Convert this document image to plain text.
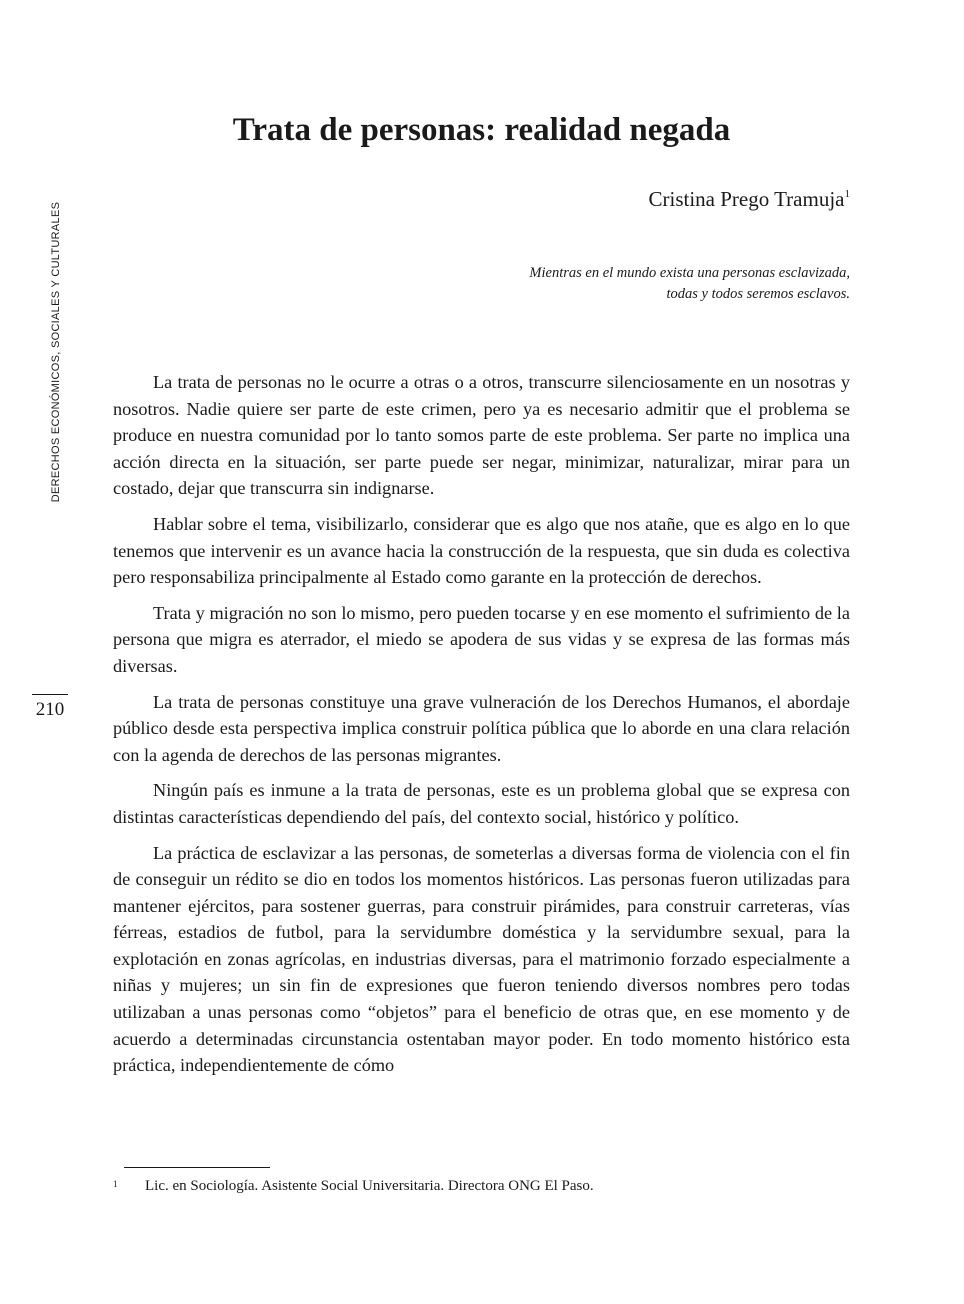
DERECHOS ECONÓMICOS, SOCIALES Y CULTURALES
210
Trata de personas: realidad negada
Cristina Prego Tramuja$^1$
Mientras en el mundo exista una personas esclavizada,
todas y todos seremos esclavos.

La trata de personas no le ocurre a otras o a otros, transcurre silenciosamente en un nosotras y nosotros. Nadie quiere ser parte de este crimen, pero ya es necesario admitir que el problema se produce en nuestra comunidad por lo tanto somos parte de este problema. Ser parte no implica una acción directa en la situación, ser parte puede ser negar, minimizar, naturalizar, mirar para un costado, dejar que transcurra sin indignarse.

Hablar sobre el tema, visibilizarlo, considerar que es algo que nos atañe, que es algo en lo que tenemos que intervenir es un avance hacia la construcción de la respuesta, que sin duda es colectiva pero responsabiliza principalmente al Estado como garante en la protección de derechos.

Trata y migración no son lo mismo, pero pueden tocarse y en ese momento el sufrimiento de la persona que migra es aterrador, el miedo se apodera de sus vidas y se expresa de las formas más diversas.

La trata de personas constituye una grave vulneración de los Derechos Humanos, el abordaje público desde esta perspectiva implica construir política pública que lo aborde en una clara relación con la agenda de derechos de las personas migrantes.

Ningún país es inmune a la trata de personas, este es un problema global que se expresa con distintas características dependiendo del país, del contexto social, histórico y político.

La práctica de esclavizar a las personas, de someterlas a diversas forma de violencia con el fin de conseguir un rédito se dio en todos los momentos históricos. Las personas fueron utilizadas para mantener ejércitos, para sostener guerras, para construir pirámides, para construir carreteras, vías férreas, estadios de futbol, para la servidumbre doméstica y la servidumbre sexual, para la explotación en zonas agrícolas, en industrias diversas, para el matrimonio forzado especialmente a niñas y mujeres; un sin fin de expresiones que fueron teniendo diversos nombres pero todas utilizaban a unas personas como “objetos” para el beneficio de otras que, en ese momento y de acuerdo a determinadas circunstancia ostentaban mayor poder. En todo momento histórico esta práctica, independientemente de cómo

1 Lic. en Sociología. Asistente Social Universitaria. Directora ONG El Paso.
